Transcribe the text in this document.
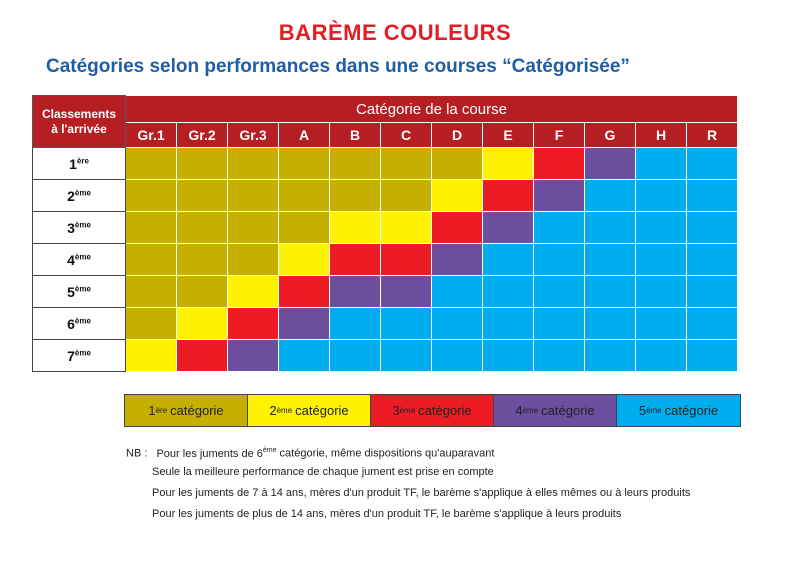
BARÈME COULEURS
Catégories selon performances dans une courses “Catégorisée”
Classements
à l'arrivée	Catégorie de la course											
	Gr.1	Gr.2	Gr.3	A	B	C	D	E	F	G	H	R
1ère												
2ème												
3ème												
4ème												
5ème												
6ème												
7ème												
1 ère catégorie	2 ème catégorie	3 ème catégorie	4 ème catégorie	5 ème catégorie
NB : Pour les juments de 6ème catégorie, même dispositions qu'auparavant
Seule la meilleure performance de chaque jument est prise en compte
Pour les juments de 7 à 14 ans, mères d'un produit TF, le barème s'applique à elles mêmes ou à leurs produits
Pour les juments de plus de 14 ans, mères d'un produit TF, le barème s'applique à leurs produits
